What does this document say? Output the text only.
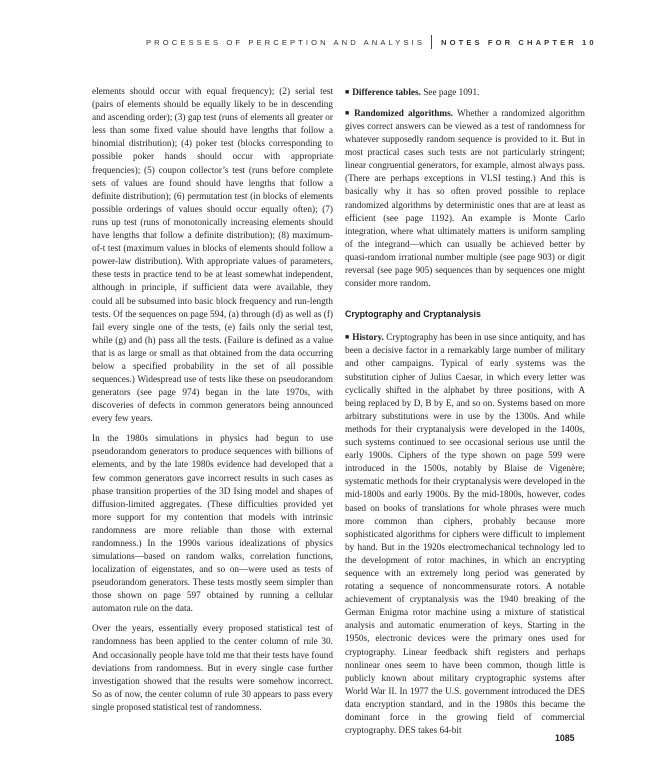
PROCESSES OF PERCEPTION AND ANALYSIS NOTES FOR CHAPTER 10

elements should occur with equal frequency); (2) serial test (pairs of elements should be equally likely to be in descending and ascending order); (3) gap test (runs of elements all greater or less than some fixed value should have lengths that follow a binomial distribution); (4) poker test (blocks corresponding to possible poker hands should occur with appropriate frequencies); (5) coupon collector’s test (runs before complete sets of values are found should have lengths that follow a definite distribution); (6) permutation test (in blocks of elements possible orderings of values should occur equally often); (7) runs up test (runs of monotonically increasing elements should have lengths that follow a definite distribution); (8) maximum-of-t test (maximum values in blocks of elements should follow a power-law distribution). With appropriate values of parameters, these tests in practice tend to be at least somewhat independent, although in principle, if sufficient data were available, they could all be subsumed into basic block frequency and run-length tests. Of the sequences on page 594, (a) through (d) as well as (f) fail every single one of the tests, (e) fails only the serial test, while (g) and (h) pass all the tests. (Failure is defined as a value that is as large or small as that obtained from the data occurring below a specified probability in the set of all possible sequences.) Widespread use of tests like these on pseudorandom generators (see page 974) began in the late 1970s, with discoveries of defects in common generators being announced every few years.

In the 1980s simulations in physics had begun to use pseudorandom generators to produce sequences with billions of elements, and by the late 1980s evidence had developed that a few common generators gave incorrect results in such cases as phase transition properties of the 3D Ising model and shapes of diffusion-limited aggregates. (These difficulties provided yet more support for my contention that models with intrinsic randomness are more reliable than those with external randomness.) In the 1990s various idealizations of physics simulations—based on random walks, correlation functions, localization of eigenstates, and so on—were used as tests of pseudorandom generators. These tests mostly seem simpler than those shown on page 597 obtained by running a cellular automaton rule on the data.

Over the years, essentially every proposed statistical test of randomness has been applied to the center column of rule 30. And occasionally people have told me that their tests have found deviations from randomness. But in every single case further investigation showed that the results were somehow incorrect. So as of now, the center column of rule 30 appears to pass every single proposed statistical test of randomness.

■ Difference tables. See page 1091.

■ Randomized algorithms. Whether a randomized algorithm gives correct answers can be viewed as a test of randomness for whatever supposedly random sequence is provided to it. But in most practical cases such tests are not particularly stringent; linear congruential generators, for example, almost always pass. (There are perhaps exceptions in VLSI testing.) And this is basically why it has so often proved possible to replace randomized algorithms by deterministic ones that are at least as efficient (see page 1192). An example is Monte Carlo integration, where what ultimately matters is uniform sampling of the integrand—which can usually be achieved better by quasi-random irrational number multiple (see page 903) or digit reversal (see page 905) sequences than by sequences one might consider more random.

Cryptography and Cryptanalysis

■ History. Cryptography has been in use since antiquity, and has been a decisive factor in a remarkably large number of military and other campaigns. Typical of early systems was the substitution cipher of Julius Caesar, in which every letter was cyclically shifted in the alphabet by three positions, with A being replaced by D, B by E, and so on. Systems based on more arbitrary substitutions were in use by the 1300s. And while methods for their cryptanalysis were developed in the 1400s, such systems continued to see occasional serious use until the early 1900s. Ciphers of the type shown on page 599 were introduced in the 1500s, notably by Blaise de Vigenère; systematic methods for their cryptanalysis were developed in the mid-1800s and early 1900s. By the mid-1800s, however, codes based on books of translations for whole phrases were much more common than ciphers, probably because more sophisticated algorithms for ciphers were difficult to implement by hand. But in the 1920s electromechanical technology led to the development of rotor machines, in which an encrypting sequence with an extremely long period was generated by rotating a sequence of noncommensurate rotors. A notable achievement of cryptanalysis was the 1940 breaking of the German Enigma rotor machine using a mixture of statistical analysis and automatic enumeration of keys. Starting in the 1950s, electronic devices were the primary ones used for cryptography. Linear feedback shift registers and perhaps nonlinear ones seem to have been common, though little is publicly known about military cryptographic systems after World War II. In 1977 the U.S. government introduced the DES data encryption standard, and in the 1980s this became the dominant force in the growing field of commercial cryptography. DES takes 64-bit

1085
